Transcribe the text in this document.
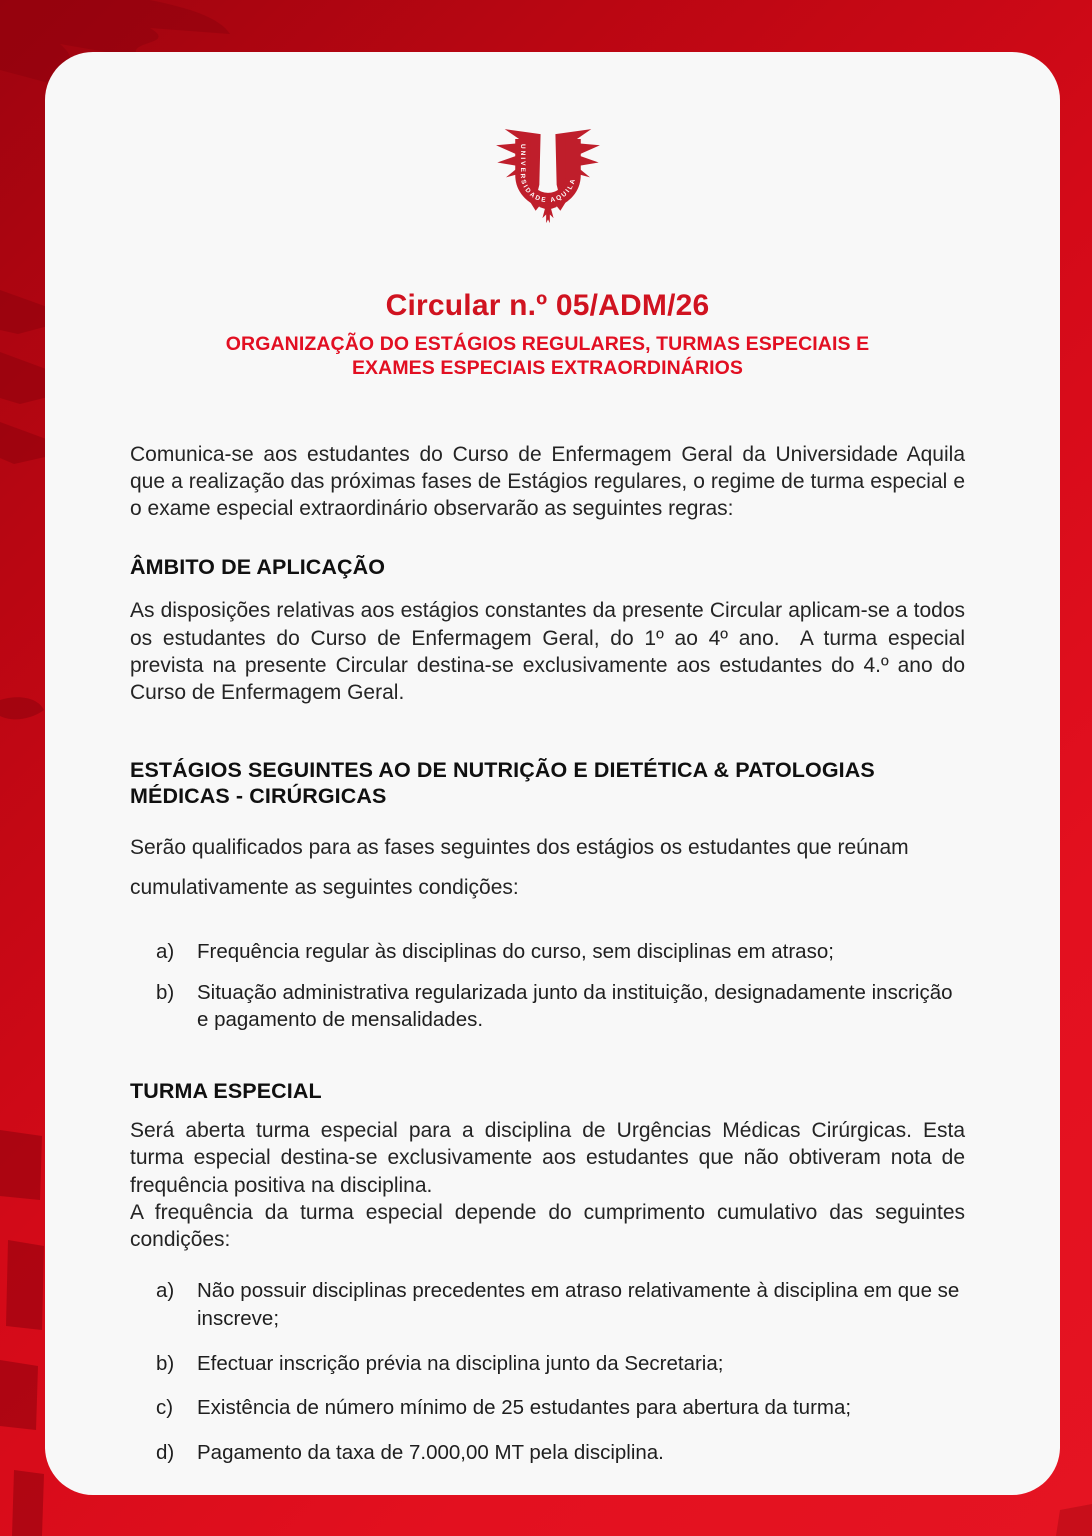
UNIVERSIDADE AQUILA
Circular n.º 05/ADM/26
ORGANIZAÇÃO DO ESTÁGIOS REGULARES, TURMAS ESPECIAIS E EXAMES ESPECIAIS EXTRAORDINÁRIOS

Comunica-se aos estudantes do Curso de Enfermagem Geral da Universidade Aquila que a realização das próximas fases de Estágios regulares, o regime de turma especial e o exame especial extraordinário observarão as seguintes regras:

ÂMBITO DE APLICAÇÃO

As disposições relativas aos estágios constantes da presente Circular aplicam-se a todos os estudantes do Curso de Enfermagem Geral, do 1º ao 4º ano.  A turma especial prevista na presente Circular destina-se exclusivamente aos estudantes do 4.º ano do Curso de Enfermagem Geral.

ESTÁGIOS SEGUINTES AO DE NUTRIÇÃO E DIETÉTICA & PATOLOGIAS MÉDICAS - CIRÚRGICAS

Serão qualificados para as fases seguintes dos estágios os estudantes que reúnam cumulativamente as seguintes condições:

a)	Frequência regular às disciplinas do curso, sem disciplinas em atraso;
b)	Situação administrativa regularizada junto da instituição, designadamente inscrição e pagamento de mensalidades.
TURMA ESPECIAL

Será aberta turma especial para a disciplina de Urgências Médicas Cirúrgicas. Esta turma especial destina-se exclusivamente aos estudantes que não obtiveram nota de frequência positiva na disciplina.

A frequência da turma especial depende do cumprimento cumulativo das seguintes condições:

a)	Não possuir disciplinas precedentes em atraso relativamente à disciplina em que se inscreve;
b)	Efectuar inscrição prévia na disciplina junto da Secretaria;
c)	Existência de número mínimo de 25 estudantes para abertura da turma;
d)	Pagamento da taxa de 7.000,00 MT pela disciplina.
